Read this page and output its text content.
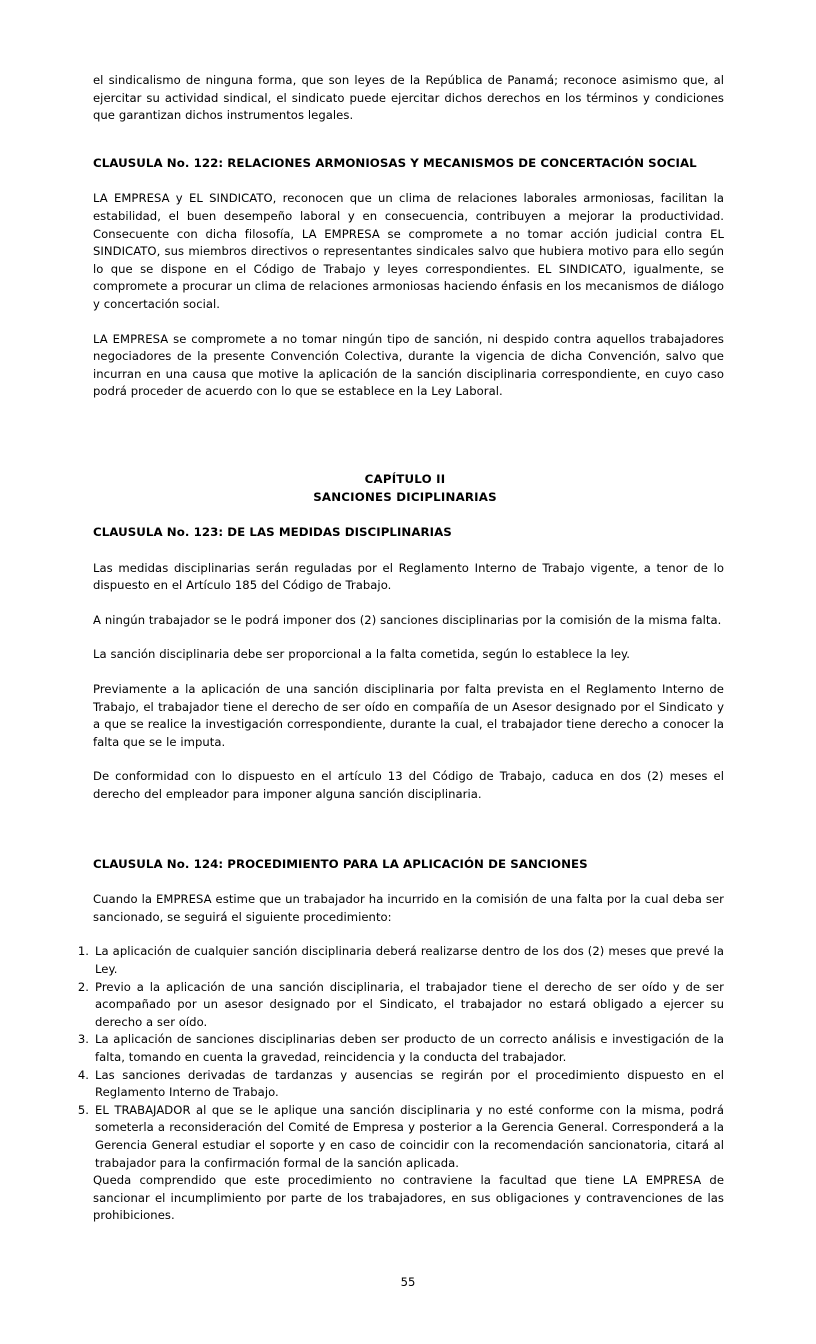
el sindicalismo de ninguna forma, que son leyes de la República de Panamá; reconoce asimismo que, al ejercitar su actividad sindical, el sindicato puede ejercitar dichos derechos en los términos y condiciones que garantizan dichos instrumentos legales.

CLAUSULA No. 122: RELACIONES ARMONIOSAS Y MECANISMOS DE CONCERTACIÓN SOCIAL

LA EMPRESA y EL SINDICATO, reconocen que un clima de relaciones laborales armoniosas, facilitan la estabilidad, el buen desempeño laboral y en consecuencia, contribuyen a mejorar la productividad. Consecuente con dicha filosofía, LA EMPRESA se compromete a no tomar acción judicial contra EL SINDICATO, sus miembros directivos o representantes sindicales salvo que hubiera motivo para ello según lo que se dispone en el Código de Trabajo y leyes correspondientes. EL SINDICATO, igualmente, se compromete a procurar un clima de relaciones armoniosas haciendo énfasis en los mecanismos de diálogo y concertación social.

LA EMPRESA se compromete a no tomar ningún tipo de sanción, ni despido contra aquellos trabajadores negociadores de la presente Convención Colectiva, durante la vigencia de dicha Convención, salvo que incurran en una causa que motive la aplicación de la sanción disciplinaria correspondiente, en cuyo caso podrá proceder de acuerdo con lo que se establece en la Ley Laboral.

CAPÍTULO II
SANCIONES DICIPLINARIAS
CLAUSULA No. 123: DE LAS MEDIDAS DISCIPLINARIAS

Las medidas disciplinarias serán reguladas por el Reglamento Interno de Trabajo vigente, a tenor de lo dispuesto en el Artículo 185 del Código de Trabajo.

A ningún trabajador se le podrá imponer dos (2) sanciones disciplinarias por la comisión de la misma falta.

La sanción disciplinaria debe ser proporcional a la falta cometida, según lo establece la ley.

Previamente a la aplicación de una sanción disciplinaria por falta prevista en el Reglamento Interno de Trabajo, el trabajador tiene el derecho de ser oído en compañía de un Asesor designado por el Sindicato y a que se realice la investigación correspondiente, durante la cual, el trabajador tiene derecho a conocer la falta que se le imputa.

De conformidad con lo dispuesto en el artículo 13 del Código de Trabajo, caduca en dos (2) meses el derecho del empleador para imponer alguna sanción disciplinaria.

CLAUSULA No. 124: PROCEDIMIENTO PARA LA APLICACIÓN DE SANCIONES

Cuando la EMPRESA estime que un trabajador ha incurrido en la comisión de una falta por la cual deba ser sancionado, se seguirá el siguiente procedimiento:

La aplicación de cualquier sanción disciplinaria deberá realizarse dentro de los dos (2) meses que prevé la Ley.
Previo a la aplicación de una sanción disciplinaria, el trabajador tiene el derecho de ser oído y de ser acompañado por un asesor designado por el Sindicato, el trabajador no estará obligado a ejercer su derecho a ser oído.
La aplicación de sanciones disciplinarias deben ser producto de un correcto análisis e investigación de la falta, tomando en cuenta la gravedad, reincidencia y la conducta del trabajador.
Las sanciones derivadas de tardanzas y ausencias se regirán por el procedimiento dispuesto en el Reglamento Interno de Trabajo.
EL TRABAJADOR al que se le aplique una sanción disciplinaria y no esté conforme con la misma, podrá someterla a reconsideración del Comité de Empresa y posterior a la Gerencia General. Corresponderá a la Gerencia General estudiar el soporte y en caso de coincidir con la recomendación sancionatoria, citará al trabajador para la confirmación formal de la sanción aplicada.

Queda comprendido que este procedimiento no contraviene la facultad que tiene LA EMPRESA de sancionar el incumplimiento por parte de los trabajadores, en sus obligaciones y contravenciones de las prohibiciones.

55
